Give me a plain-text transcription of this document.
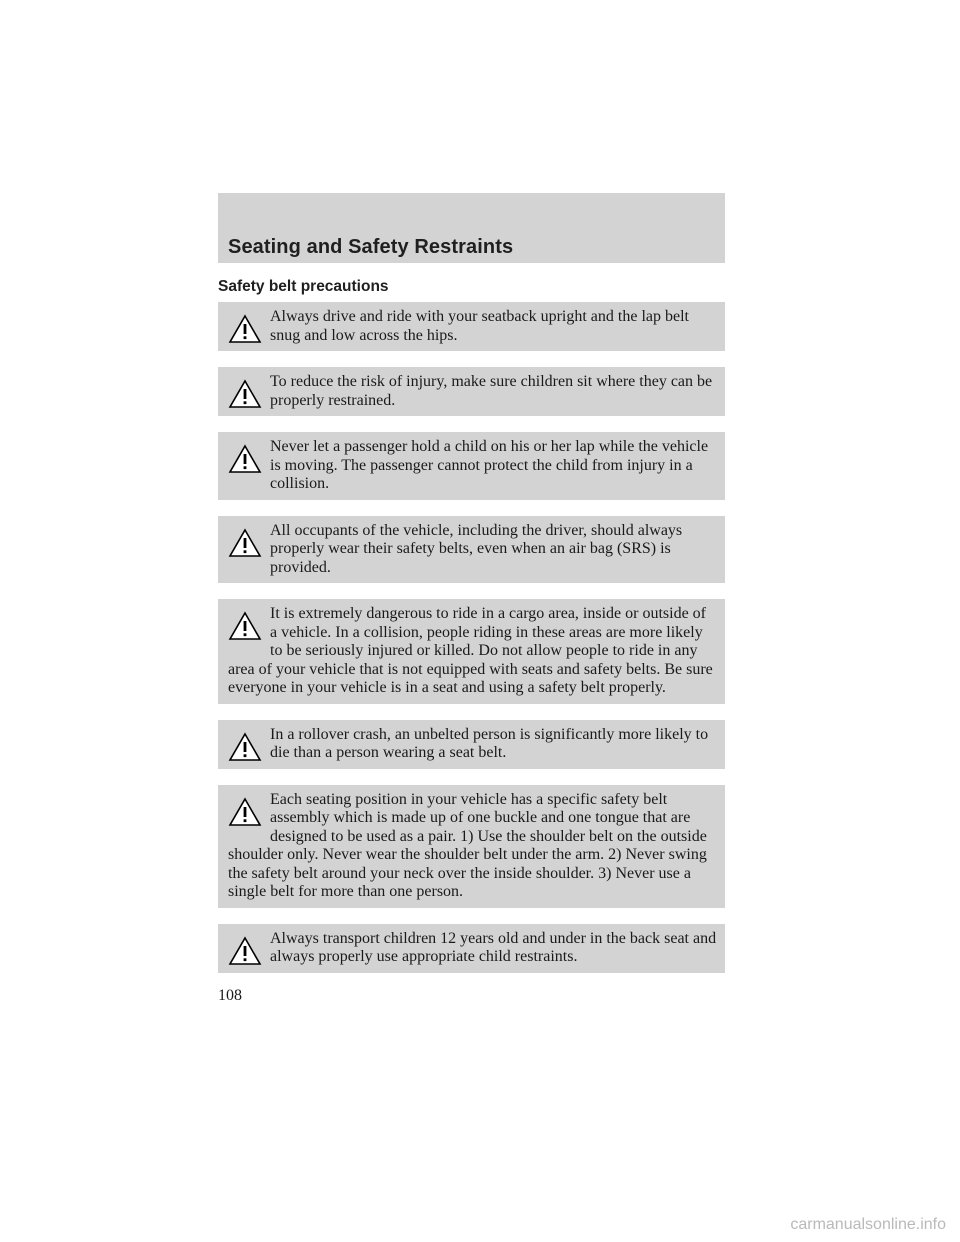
Seating and Safety Restraints
Safety belt precautions
Always drive and ride with your seatback upright and the lap belt snug and low across the hips.
To reduce the risk of injury, make sure children sit where they can be properly restrained.
Never let a passenger hold a child on his or her lap while the vehicle is moving. The passenger cannot protect the child from injury in a collision.
All occupants of the vehicle, including the driver, should always properly wear their safety belts, even when an air bag (SRS) is provided.
It is extremely dangerous to ride in a cargo area, inside or outside of a vehicle. In a collision, people riding in these areas are more likely to be seriously injured or killed. Do not allow people to ride in any area of your vehicle that is not equipped with seats and safety belts. Be sure everyone in your vehicle is in a seat and using a safety belt properly.
In a rollover crash, an unbelted person is significantly more likely to die than a person wearing a seat belt.
Each seating position in your vehicle has a specific safety belt assembly which is made up of one buckle and one tongue that are designed to be used as a pair. 1) Use the shoulder belt on the outside shoulder only. Never wear the shoulder belt under the arm. 2) Never swing the safety belt around your neck over the inside shoulder. 3) Never use a single belt for more than one person.
Always transport children 12 years old and under in the back seat and always properly use appropriate child restraints.
108
carmanualsonline.info
